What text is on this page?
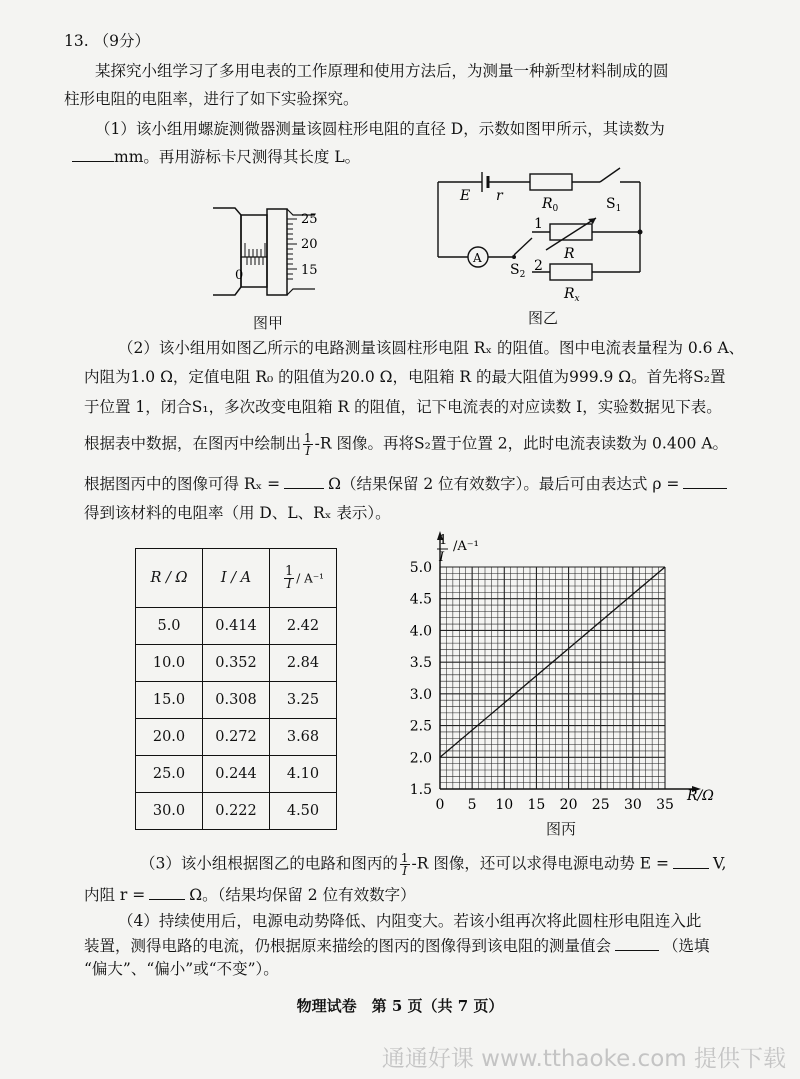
13. （9分）
某探究小组学习了多用电表的工作原理和使用方法后，为测量一种新型材料制成的圆
柱形电阻的电阻率，进行了如下实验探究。
（1）该小组用螺旋测微器测量该圆柱形电阻的直径 D，示数如图甲所示，其读数为
mm。再用游标卡尺测得其长度 L。
25
20
15
0
图甲
E r	$R_0$	$S_1$
A
1
R
$S_2$
2
$R_x$
图乙
（2）该小组用如图乙所示的电路测量该圆柱形电阻 Rₓ 的阻值。图中电流表量程为 0.6 A、
内阻为1.0 Ω，定值电阻 R₀ 的阻值为20.0 Ω，电阻箱 R 的最大阻值为999.9 Ω。首先将S₂置
于位置 1，闭合S₁，多次改变电阻箱 R 的阻值，记下电流表的对应读数 I，实验数据见下表。
根据表中数据，在图丙中绘制出 $\frac{1}{I} -R$ 图像。再将S₂置于位置 2，此时电流表读数为 0.400 A。
根据图丙中的图像可得 Rₓ =	Ω（结果保留 2 位有效数字）。最后可由表达式 ρ =
得到该材料的电阻率（用 D、L、Rₓ 表示）。
R / Ω	I / A	$\frac{1}{I} / A^{-1}$
5.0	0.414	2.42
10.0	0.352	2.84
15.0	0.308	3.25
20.0	0.272	3.68
25.0	0.244	4.10
30.0	0.222	4.50	0 5 10 15 20 25 30 35
5.0
4.5
4.0
3.5
3.0
2.5
2.0
1.5
1
I
/A⁻¹
R/Ω
图丙
（3）该小组根据图乙的电路和图丙的 $\frac{1}{I} -R$ 图像，还可以求得电源电动势 E =	V,
内阻 r =	Ω。（结果均保留 2 位有效数字）
（4）持续使用后，电源电动势降低、内阻变大。若该小组再次将此圆柱形电阻连入此
装置，测得电路的电流，仍根据原来描绘的图丙的图像得到该电阻的测量值会	（选填
“偏大”、“偏小”或“不变”）。
物理试卷　第 5 页（共 7 页）
通通好课 www.tthaoke.com 提供下载
